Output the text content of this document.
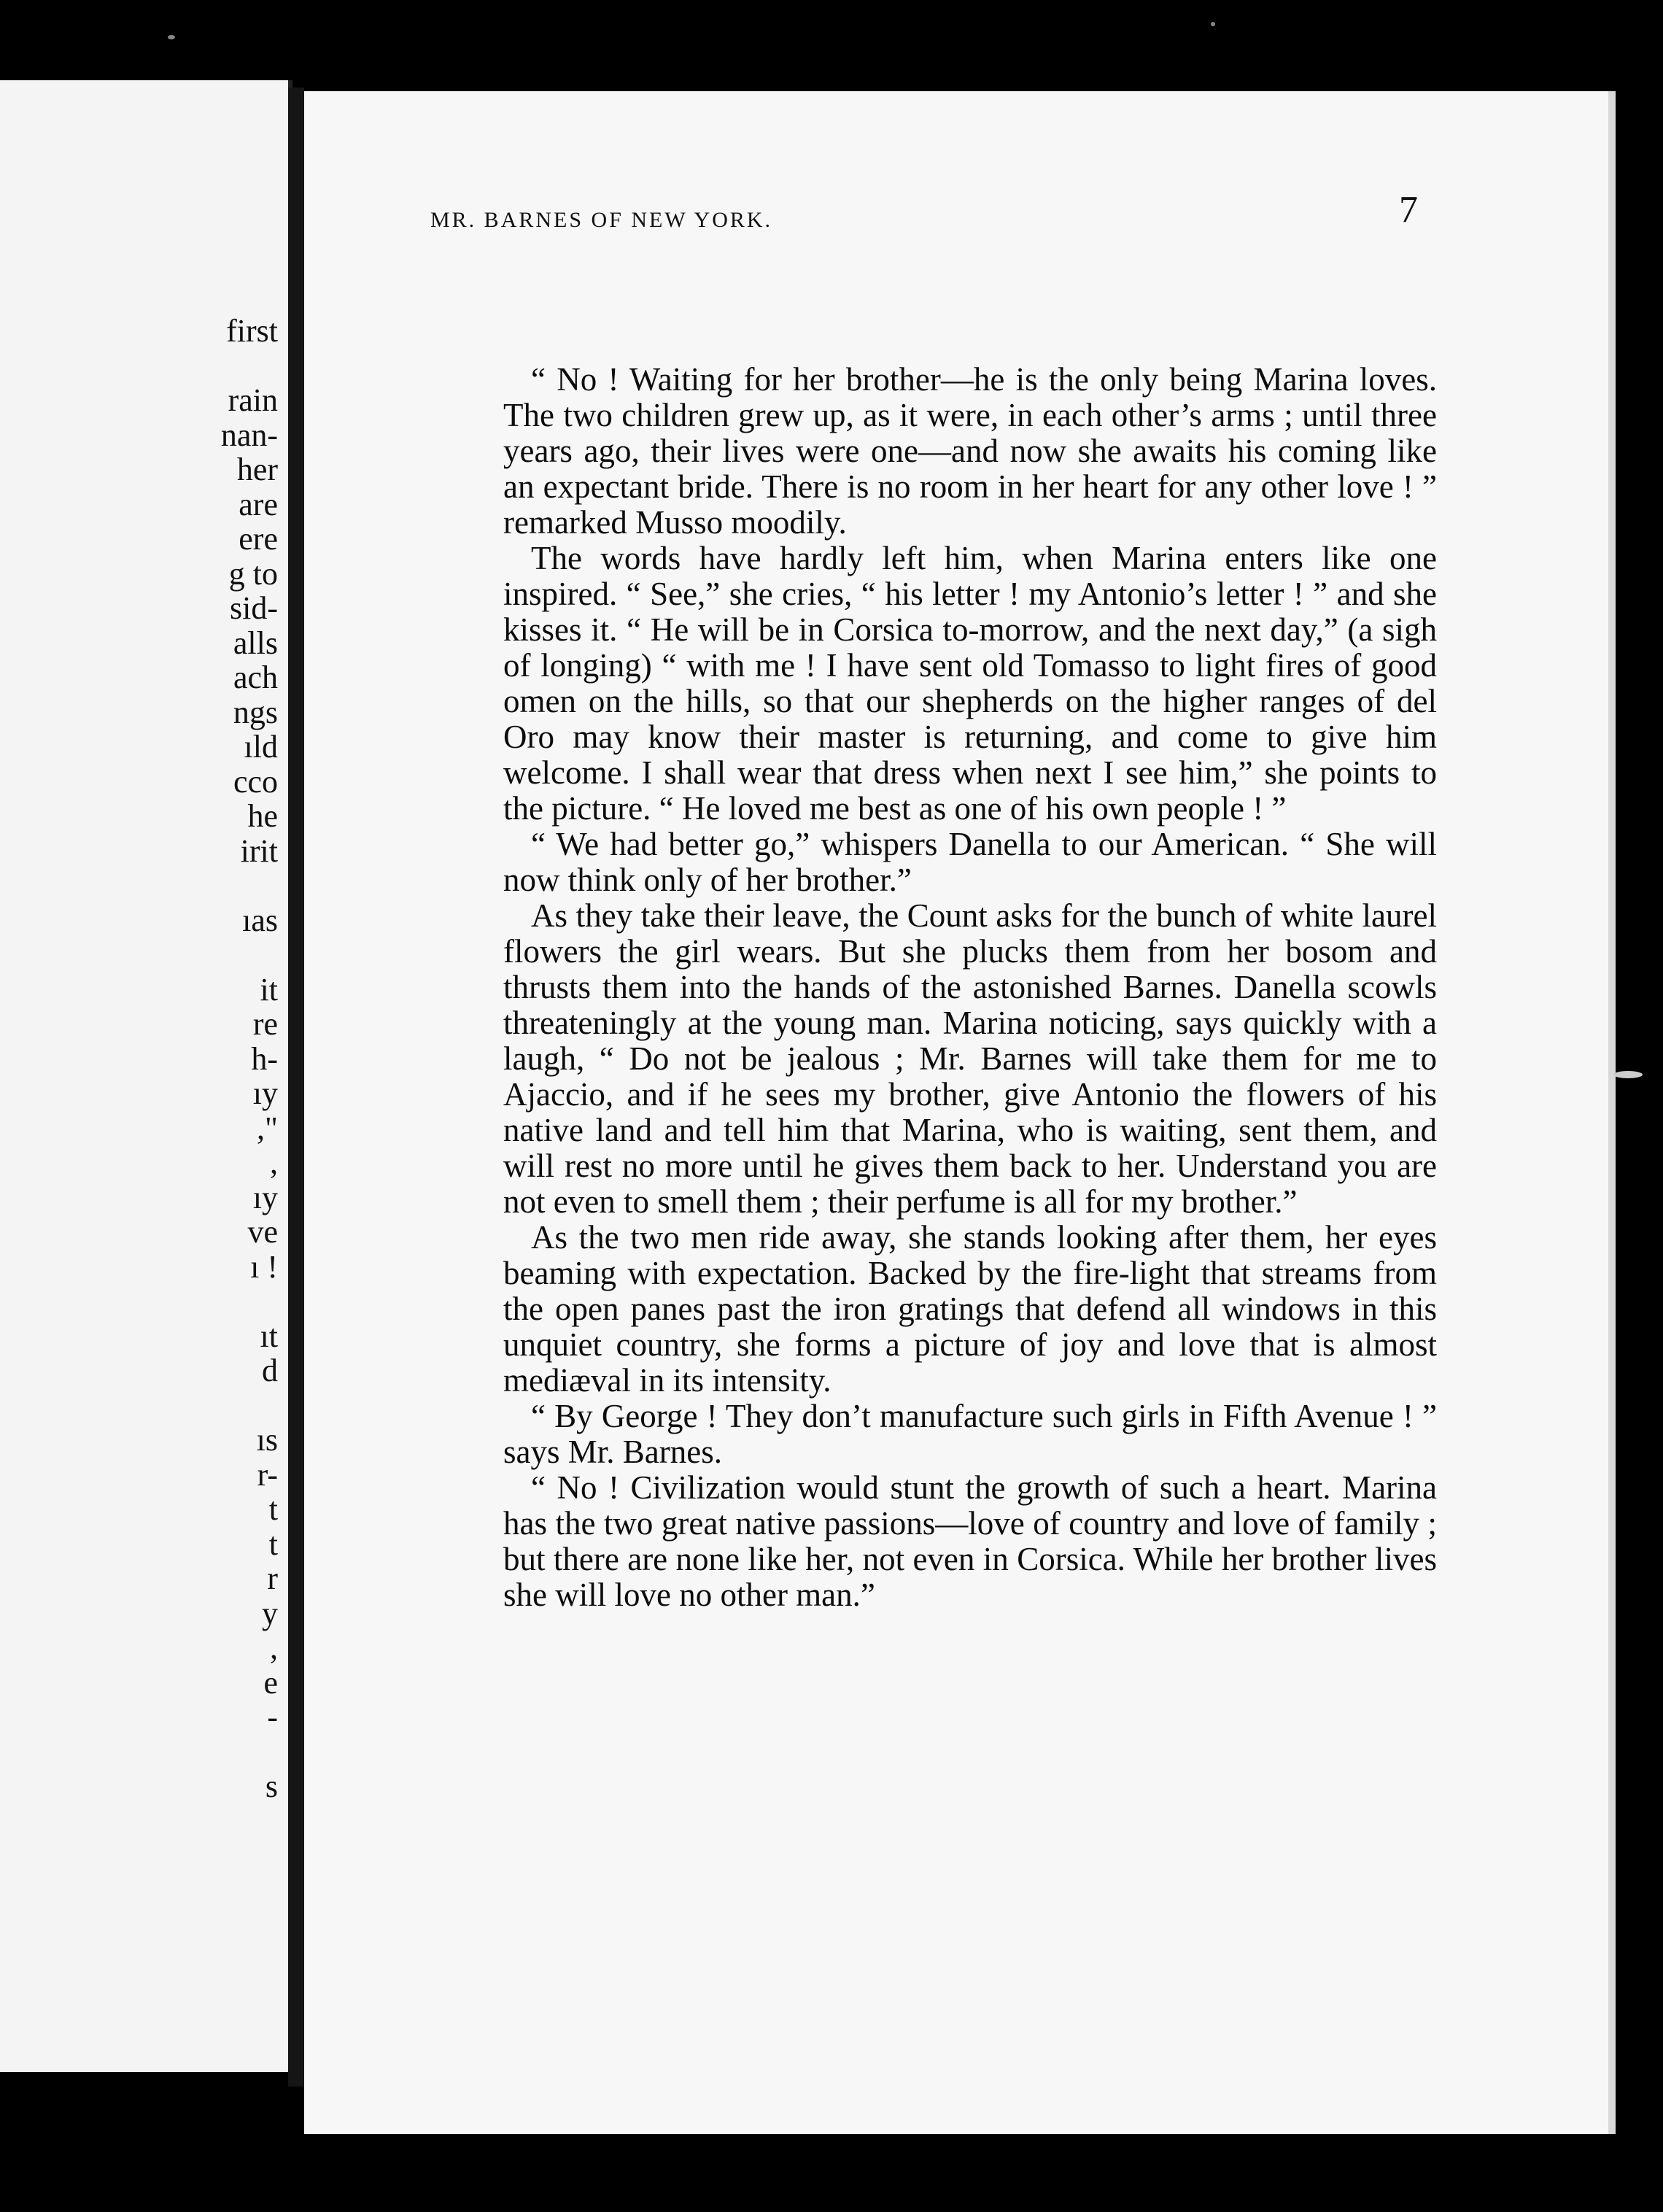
first
rain
nan-
her
are
ere
g to
sid-
alls
ach
ngs
ıld
cco
he
irit
ıas
it
re
h-
ıy
,"
,
ıy
ve
ı !
ıt
d
ıs
r-
t
t
r
y
,
e
-
s
MR. BARNES OF NEW YORK.	7

“ No ! Waiting for her brother—he is the only being Marina loves. The two children grew up, as it were, in each other’s arms ; until three years ago, their lives were one—and now she awaits his coming like an expectant bride. There is no room in her heart for any other love ! ” remarked Musso moodily.

The words have hardly left him, when Marina enters like one inspired. “ See,” she cries, “ his letter ! my Antonio’s letter ! ” and she kisses it. “ He will be in Corsica to-morrow, and the next day,” (a sigh of longing) “ with me ! I have sent old Tomasso to light fires of good omen on the hills, so that our shepherds on the higher ranges of del Oro may know their master is returning, and come to give him welcome. I shall wear that dress when next I see him,” she points to the picture. “ He loved me best as one of his own people ! ”

“ We had better go,” whispers Danella to our American. “ She will now think only of her brother.”

As they take their leave, the Count asks for the bunch of white laurel flowers the girl wears. But she plucks them from her bosom and thrusts them into the hands of the astonished Barnes. Danella scowls threateningly at the young man. Marina noticing, says quickly with a laugh, “ Do not be jealous ; Mr. Barnes will take them for me to Ajaccio, and if he sees my brother, give Antonio the flowers of his native land and tell him that Marina, who is waiting, sent them, and will rest no more until he gives them back to her. Understand you are not even to smell them ; their perfume is all for my brother.”

As the two men ride away, she stands looking after them, her eyes beaming with expectation. Backed by the fire-light that streams from the open panes past the iron gratings that defend all windows in this unquiet country, she forms a picture of joy and love that is almost mediæval in its intensity.

“ By George ! They don’t manufacture such girls in Fifth Avenue ! ” says Mr. Barnes.

“ No ! Civilization would stunt the growth of such a heart. Marina has the two great native passions—love of country and love of family ; but there are none like her, not even in Corsica. While her brother lives she will love no other man.”
